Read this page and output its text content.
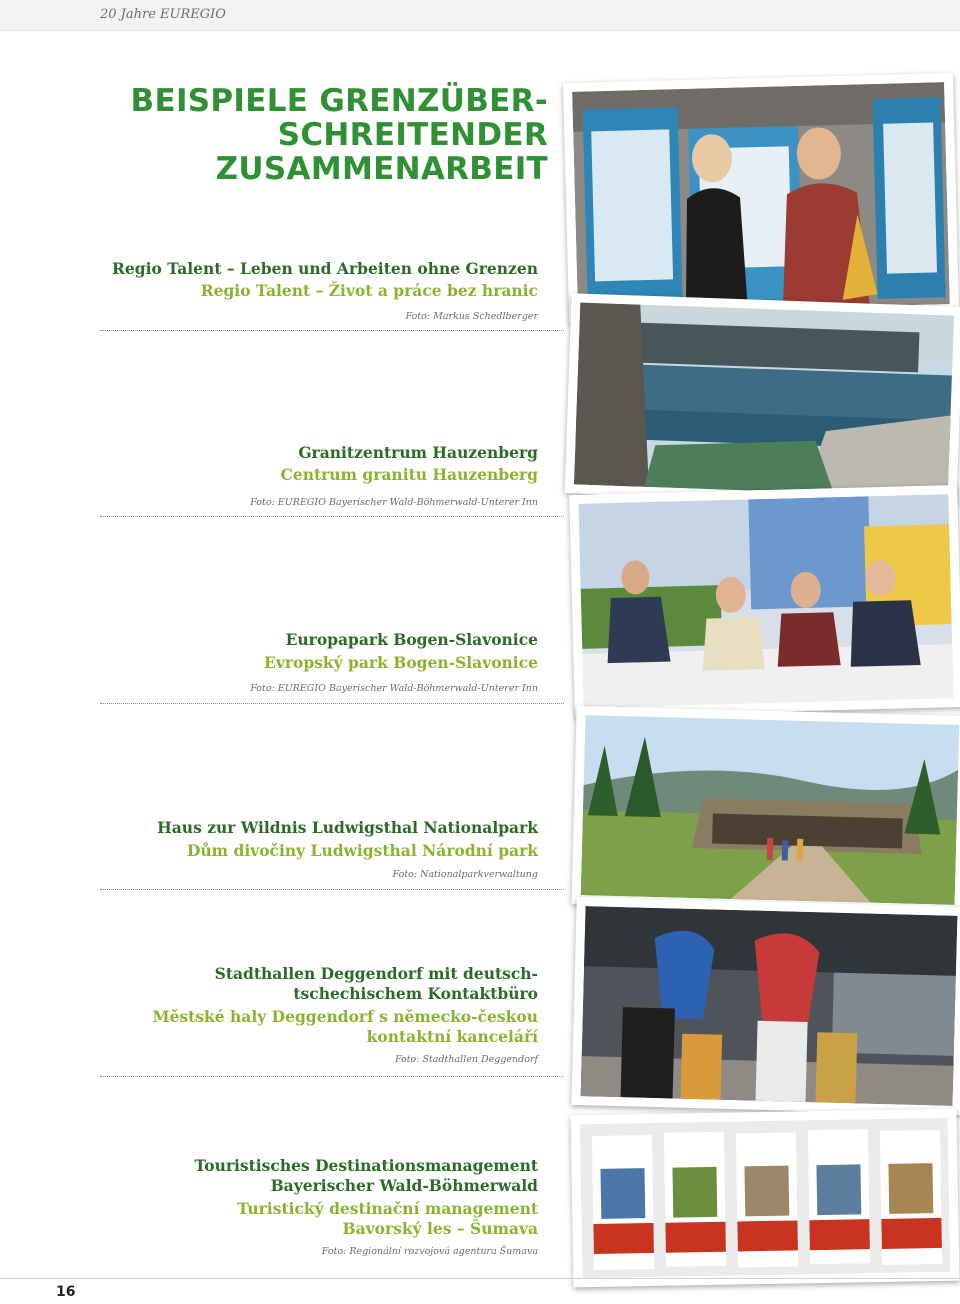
20 Jahre EUREGIO
BEISPIELE GRENZÜBER-
SCHREITENDER
ZUSAMMENARBEIT
Regio Talent – Leben und Arbeiten ohne Grenzen
Regio Talent – Život a práce bez hranic
Foto: Markus Schedlberger
Granitzentrum Hauzenberg
Centrum granitu Hauzenberg
Foto: EUREGIO Bayerischer Wald-Böhmerwald-Unterer Inn
Europapark Bogen-Slavonice
Evropský park Bogen-Slavonice
Foto: EUREGIO Bayerischer Wald-Böhmerwald-Unterer Inn
Haus zur Wildnis Ludwigsthal Nationalpark
Dům divočiny Ludwigsthal Národní park
Foto: Nationalparkverwaltung
Stadthallen Deggendorf mit deutsch-
tschechischem Kontaktbüro
Městské haly Deggendorf s německo-českou
kontaktní kanceláří
Foto: Stadthallen Deggendorf
Touristisches Destinationsmanagement
Bayerischer Wald-Böhmerwald
Turistický destinační management
Bavorský les – Šumava
Foto: Regionální rozvojová agentura Šumava
16
